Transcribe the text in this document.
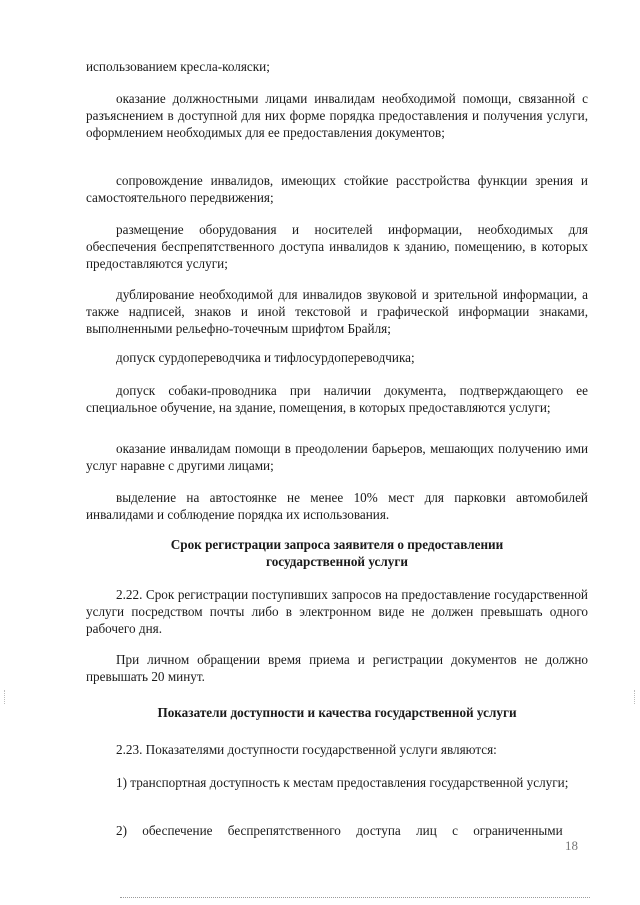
использованием кресла-коляски;
оказание должностными лицами инвалидам необходимой помощи, связанной с разъяснением в доступной для них форме порядка предоставления и получения услуги, оформлением необходимых для ее предоставления документов;
сопровождение инвалидов, имеющих стойкие расстройства функции зрения и самостоятельного передвижения;
размещение оборудования и носителей информации, необходимых для обеспечения беспрепятственного доступа инвалидов к зданию, помещению, в которых предоставляются услуги;
дублирование необходимой для инвалидов звуковой и зрительной информации, а также надписей, знаков и иной текстовой и графической информации знаками, выполненными рельефно-точечным шрифтом Брайля;
допуск сурдопереводчика и тифлосурдопереводчика;
допуск собаки-проводника при наличии документа, подтверждающего ее специальное обучение, на здание, помещения, в которых предоставляются услуги;
оказание инвалидам помощи в преодолении барьеров, мешающих получению ими услуг наравне с другими лицами;
выделение на автостоянке не менее 10% мест для парковки автомобилей инвалидами и соблюдение порядка их использования.
Срок регистрации запроса заявителя о предоставлении государственной услуги
2.22. Срок регистрации поступивших запросов на предоставление государственной услуги посредством почты либо в электронном виде не должен превышать одного рабочего дня.
При личном обращении время приема и регистрации документов не должно превышать 20 минут.
Показатели доступности и качества государственной услуги
2.23. Показателями доступности государственной услуги являются:
1) транспортная доступность к местам предоставления государственной услуги;
2) обеспечение беспрепятственного доступа лиц с ограниченными
18
